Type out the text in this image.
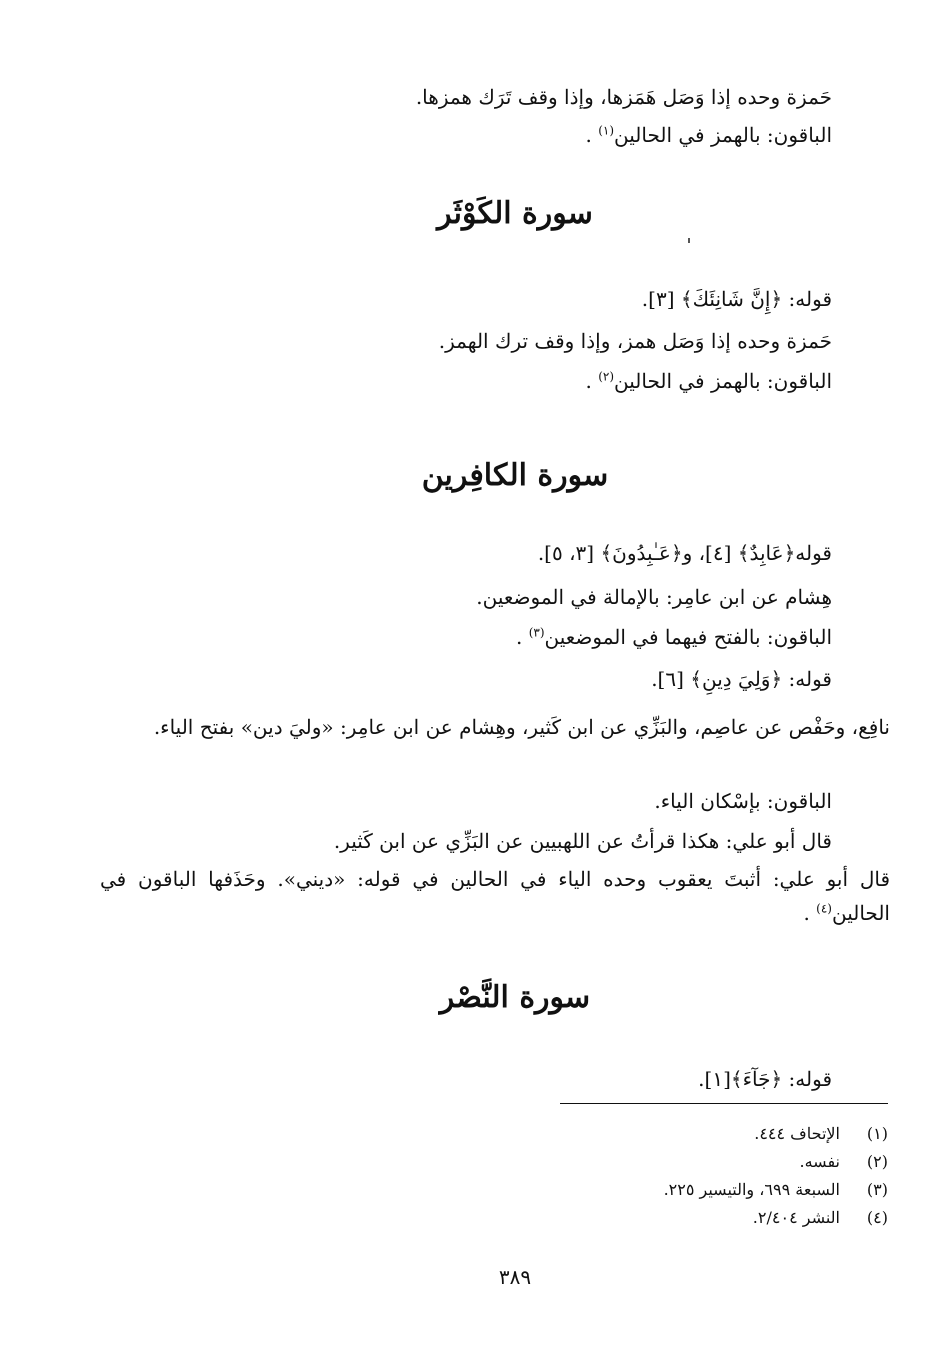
حَمزة وحده إذا وَصَل هَمَزها، وإذا وقف تَرَك همزها.
الباقون: بالهمز في الحالين$^{(١)}$ .
سورة الكَوْثَر
قوله: ﴿إِنَّ شَانِئَكَ﴾ [٣].
حَمزة وحده إذا وَصَل همز، وإذا وقف ترك الهمز.
الباقون: بالهمز في الحالين$^{(٢)}$ .
سورة الكافِرين
قوله﴿عَابِدٌ﴾ [٤]، و﴿عَـٰبِدُونَ﴾ [٣، ٥].
هِشام عن ابن عامِر: بالإمالة في الموضعين.
الباقون: بالفتح فيهما في الموضعين$^{(٣)}$ .
قوله: ﴿وَلِيَ دِينِ﴾ [٦].
نافِع، وحَفْص عن عاصِم، والبَزِّي عن ابن كَثير، وهِشام عن ابن عامِر: «وليَ دين» بفتح الياء.
الباقون: بإسْكان الياء.
قال أبو علي: هكذا قرأتُ عن اللهبيين عن البَزِّي عن ابن كَثير.
قال أبو علي: أثبتَ يعقوب وحده الياء في الحالين في قوله: «ديني». وحَذَفها الباقون في الحالين$^{(٤)}$ .
سورة النَّصْر
قوله: ﴿جَآءَ﴾[١].
(١)الإتحاف ٤٤٤.
(٢)نفسه.
(٣)السبعة ٦٩٩، والتيسير ٢٢٥.
(٤)النشر ٢/٤٠٤.
٣٨٩
